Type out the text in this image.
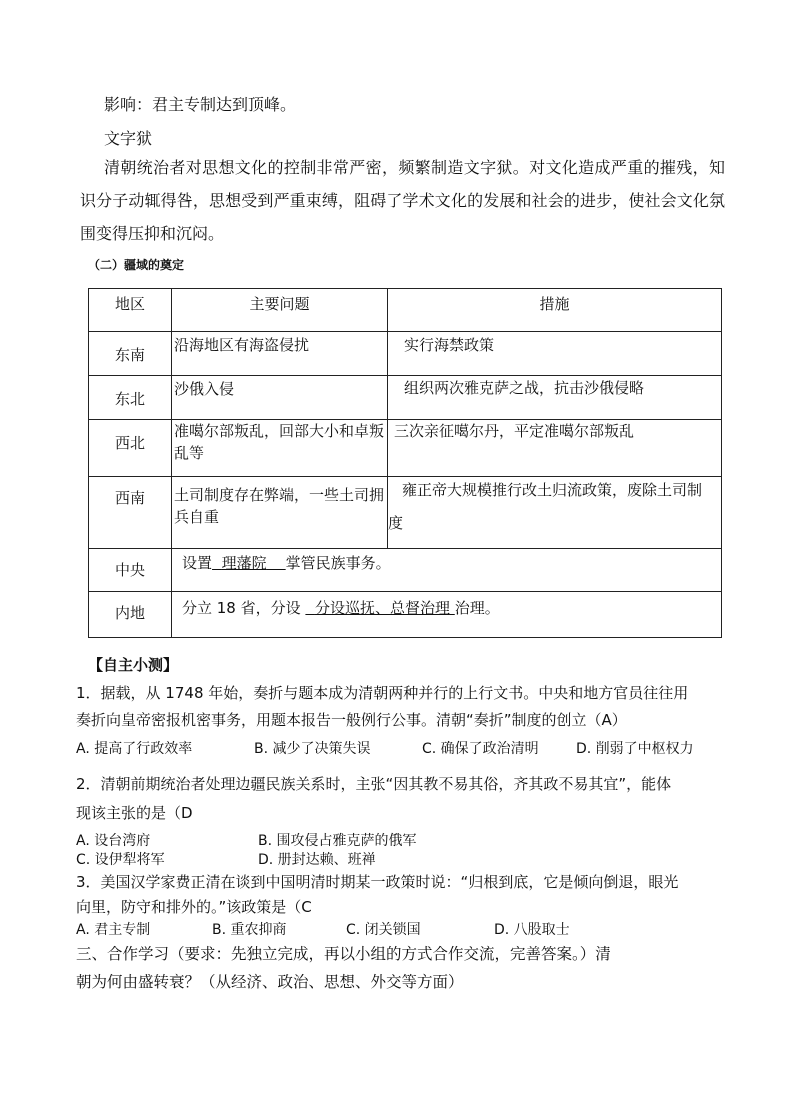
影响：君主专制达到顶峰。
文字狱
清朝统治者对思想文化的控制非常严密，频繁制造文字狱。对文化造成严重的摧残，知识分子动辄得咎，思想受到严重束缚，阻碍了学术文化的发展和社会的进步，使社会文化氛围变得压抑和沉闷。
（二）疆域的奠定
地区	主要问题	措施

东南	沿海地区有海盗侵扰	实行海禁政策

东北	沙俄入侵	组织两次雅克萨之战，抗击沙俄侵略

西北	准噶尔部叛乱，回部大小和卓叛乱等	三次亲征噶尔丹，平定准噶尔部叛乱

西南	土司制度存在弊端，一些土司拥兵自重	雍正帝大规模推行改土归流政策，废除土司制
度

中央	设置 理藩院 掌管民族事务。	

内地	分立 18 省，分设 分设巡抚、总督治理 治理。	
【自主小测】
1．据载，从 1748 年始，奏折与题本成为清朝两种并行的上行文书。中央和地方官员往往用
奏折向皇帝密报机密事务，用题本报告一般例行公事。清朝“奏折”制度的创立（A）
A. 提高了行政效率	B. 减少了决策失误	C. 确保了政治清明	D. 削弱了中枢权力
2．清朝前期统治者处理边疆民族关系时，主张“因其教不易其俗，齐其政不易其宜”，能体
现该主张的是（D
A. 设台湾府	B. 围攻侵占雅克萨的俄军
C. 设伊犁将军	D. 册封达赖、班禅
3．美国汉学家费正清在谈到中国明清时期某一政策时说：“归根到底，它是倾向倒退，眼光
向里，防守和排外的。”该政策是（C
A. 君主专制	B. 重农抑商	C. 闭关锁国	D. 八股取士
三、合作学习（要求：先独立完成，再以小组的方式合作交流，完善答案。）清
朝为何由盛转衰？（从经济、政治、思想、外交等方面）
